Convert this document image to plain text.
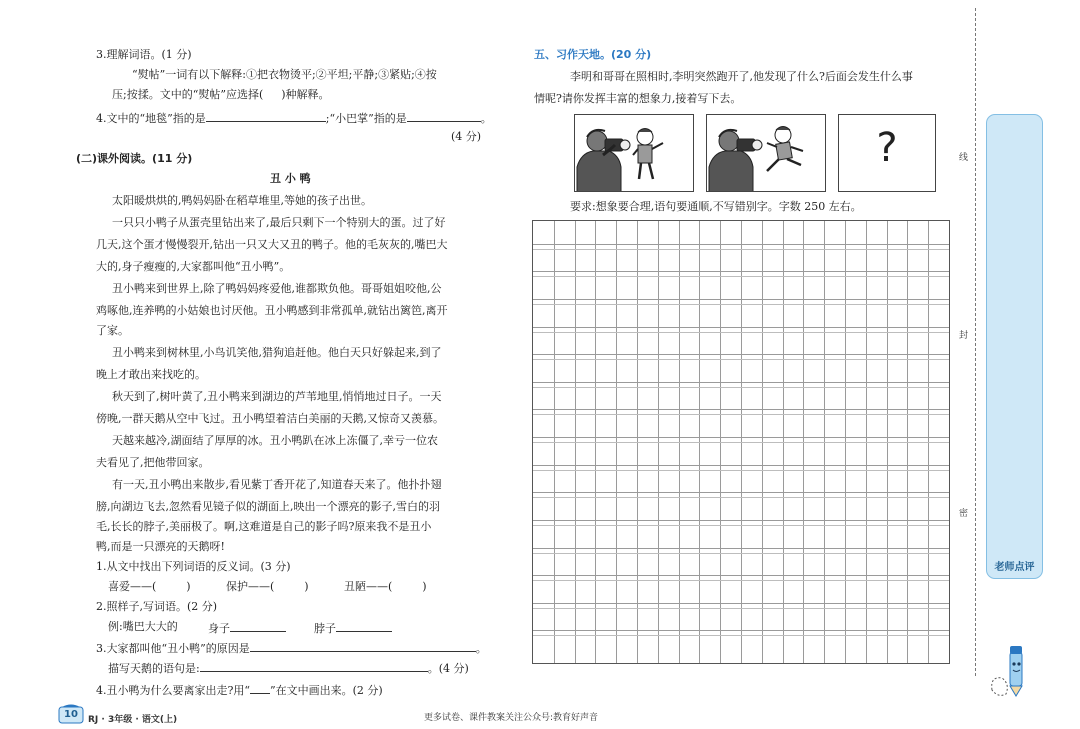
3.理解词语。(1 分)
“熨帖”一词有以下解释:①把衣物烫平;②平坦;平静;③紧贴;④按
压;按揉。文中的“熨帖”应选择( )种解释。
4.文中的“地毯”指的是	;“小巴掌”指的是	。
(4 分)
(二)课外阅读。(11 分)
丑 小 鸭
太阳暖烘烘的,鸭妈妈卧在稻草堆里,等她的孩子出世。
一只只小鸭子从蛋壳里钻出来了,最后只剩下一个特别大的蛋。过了好
几天,这个蛋才慢慢裂开,钻出一只又大又丑的鸭子。他的毛灰灰的,嘴巴大
大的,身子瘦瘦的,大家都叫他“丑小鸭”。
丑小鸭来到世界上,除了鸭妈妈疼爱他,谁都欺负他。哥哥姐姐咬他,公
鸡啄他,连养鸭的小姑娘也讨厌他。丑小鸭感到非常孤单,就钻出篱笆,离开
了家。
丑小鸭来到树林里,小鸟讥笑他,猎狗追赶他。他白天只好躲起来,到了
晚上才敢出来找吃的。
秋天到了,树叶黄了,丑小鸭来到湖边的芦苇地里,悄悄地过日子。一天
傍晚,一群天鹅从空中飞过。丑小鸭望着洁白美丽的天鹅,又惊奇又羡慕。
天越来越冷,湖面结了厚厚的冰。丑小鸭趴在冰上冻僵了,幸亏一位农
夫看见了,把他带回家。
有一天,丑小鸭出来散步,看见紫丁香开花了,知道春天来了。他扑扑翅
膀,向湖边飞去,忽然看见镜子似的湖面上,映出一个漂亮的影子,雪白的羽
毛,长长的脖子,美丽极了。啊,这难道是自己的影子吗?原来我不是丑小
鸭,而是一只漂亮的天鹅呀!
1.从文中找出下列词语的反义词。(3 分)
喜爱——(	)	保护——(	)	丑陋——(	)
2.照样子,写词语。(2 分)
例:嘴巴大大的	身子	脖子
3.大家都叫他“丑小鸭”的原因是	。
描写天鹅的语句是:	。(4 分)
4.丑小鸭为什么要离家出走?用“ ”在文中画出来。(2 分)
五、习作天地。(20 分)
李明和哥哥在照相时,李明突然跑开了,他发现了什么?后面会发生什么事
情呢?请你发挥丰富的想象力,接着写下去。
?
要求:想象要合理,语句要通顺,不写错别字。字数 250 左右。
线
封
密
老师点评
10	RJ · 3年级 · 语文(上)	更多试卷、课件教案关注公众号:教育好声音
